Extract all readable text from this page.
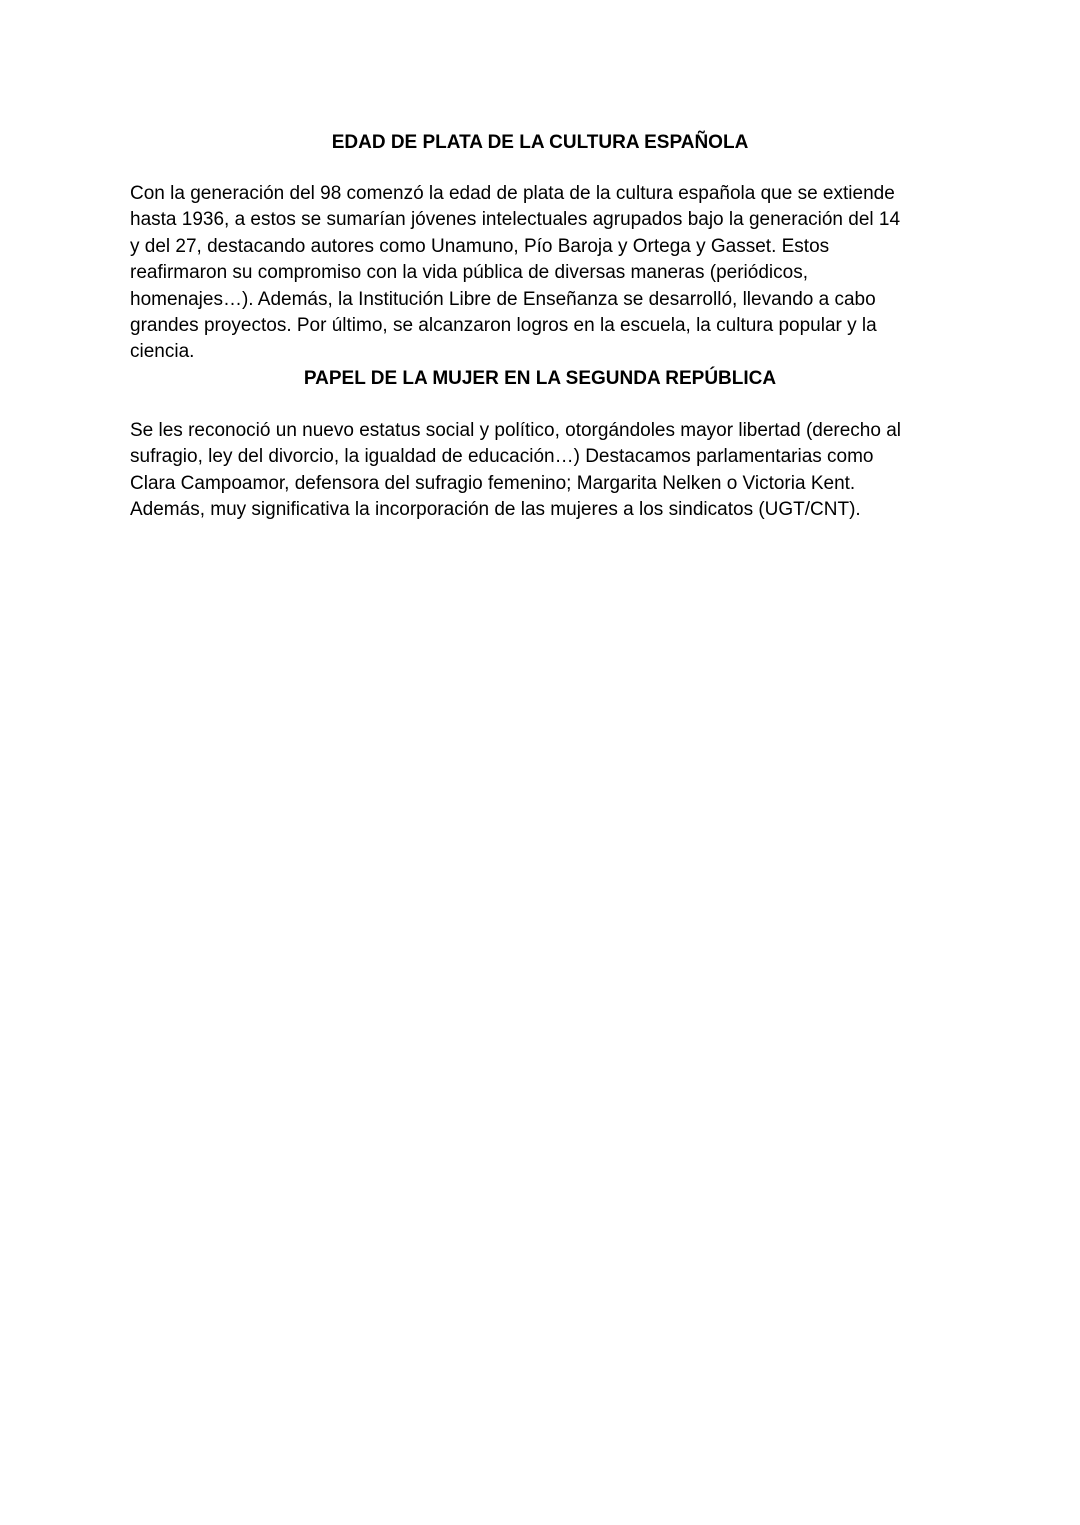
EDAD DE PLATA DE LA CULTURA ESPAÑOLA
Con la generación del 98 comenzó la edad de plata de la cultura española que se extiende
hasta 1936, a estos se sumarían jóvenes intelectuales agrupados bajo la generación del 14
y del 27, destacando autores como Unamuno, Pío Baroja y Ortega y Gasset. Estos
reafirmaron su compromiso con la vida pública de diversas maneras (periódicos,
homenajes…). Además, la Institución Libre de Enseñanza se desarrolló, llevando a cabo
grandes proyectos. Por último, se alcanzaron logros en la escuela, la cultura popular y la
ciencia.
PAPEL DE LA MUJER EN LA SEGUNDA REPÚBLICA
Se les reconoció un nuevo estatus social y político, otorgándoles mayor libertad (derecho al
sufragio, ley del divorcio, la igualdad de educación…) Destacamos parlamentarias como
Clara Campoamor, defensora del sufragio femenino; Margarita Nelken o Victoria Kent.
Además, muy significativa la incorporación de las mujeres a los sindicatos (UGT/CNT).
